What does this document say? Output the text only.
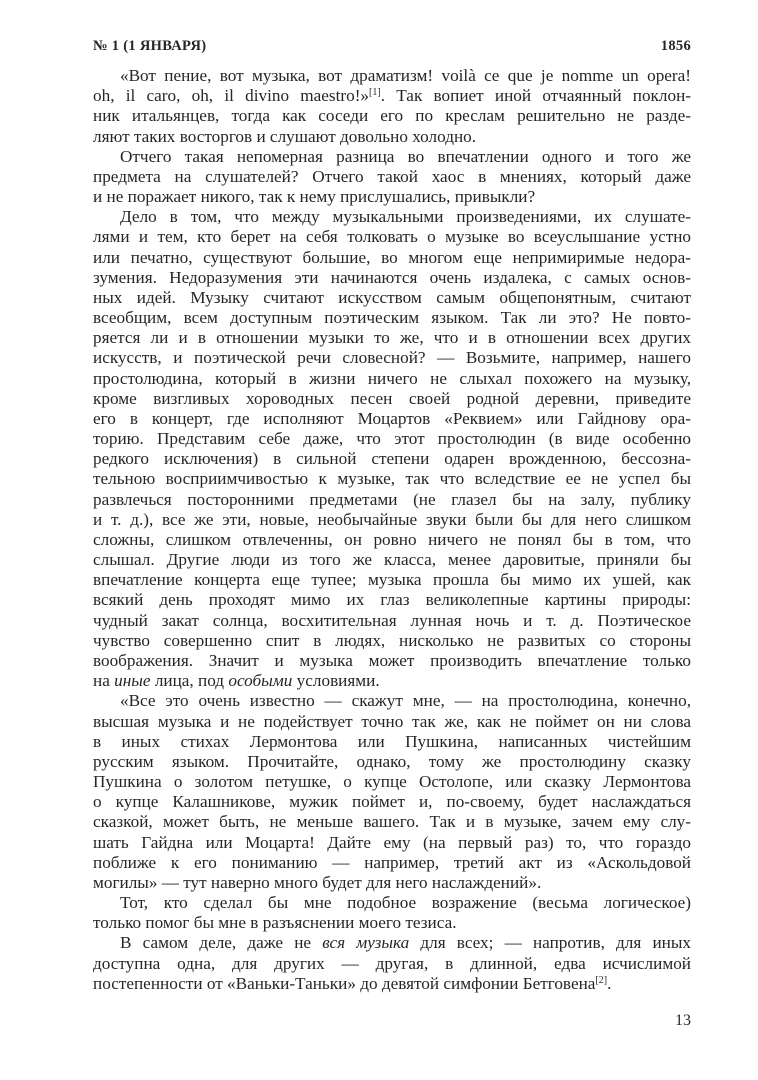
№ 1 (1 ЯНВАРЯ)	1856
«Вот пение, вот музыка, вот драматизм! voilà ce que je nomme un opera!
oh, il caro, oh, il divino maestro!»[1]. Так вопиет иной отчаянный поклон-
ник итальянцев, тогда как соседи его по креслам решительно не разде-
ляют таких восторгов и слушают довольно холодно.
Отчего такая непомерная разница во впечатлении одного и того же
предмета на слушателей? Отчего такой хаос в мнениях, который даже
и не поражает никого, так к нему прислушались, привыкли?
Дело в том, что между музыкальными произведениями, их слушате-
лями и тем, кто берет на себя толковать о музыке во всеуслышание устно
или печатно, существуют большие, во многом еще непримиримые недора-
зумения. Недоразумения эти начинаются очень издалека, с самых основ-
ных идей. Музыку считают искусством самым общепонятным, считают
всеобщим, всем доступным поэтическим языком. Так ли это? Не повто-
ряется ли и в отношении музыки то же, что и в отношении всех других
искусств, и поэтической речи словесной? — Возьмите, например, нашего
простолюдина, который в жизни ничего не слыхал похожего на музыку,
кроме визгливых хороводных песен своей родной деревни, приведите
его в концерт, где исполняют Моцартов «Реквием» или Гайднову ора-
торию. Представим себе даже, что этот простолюдин (в виде особенно
редкого исключения) в сильной степени одарен врожденною, бессозна-
тельною восприимчивостью к музыке, так что вследствие ее не успел бы
развлечься посторонними предметами (не глазел бы на залу, публику
и т. д.), все же эти, новые, необычайные звуки были бы для него слишком
сложны, слишком отвлеченны, он ровно ничего не понял бы в том, что
слышал. Другие люди из того же класса, менее даровитые, приняли бы
впечатление концерта еще тупее; музыка прошла бы мимо их ушей, как
всякий день проходят мимо их глаз великолепные картины природы:
чудный закат солнца, восхитительная лунная ночь и т. д. Поэтическое
чувство совершенно спит в людях, нисколько не развитых со стороны
воображения. Значит и музыка может производить впечатление только
на иные лица, под особыми условиями.
«Все это очень известно — скажут мне, — на простолюдина, конечно,
высшая музыка и не подействует точно так же, как не поймет он ни слова
в иных стихах Лермонтова или Пушкина, написанных чистейшим
русским языком. Прочитайте, однако, тому же простолюдину сказку
Пушкина о золотом петушке, о купце Остолопе, или сказку Лермонтова
о купце Калашникове, мужик поймет и, по-своему, будет наслаждаться
сказкой, может быть, не меньше вашего. Так и в музыке, зачем ему слу-
шать Гайдна или Моцарта! Дайте ему (на первый раз) то, что гораздо
поближе к его пониманию — например, третий акт из «Аскольдовой
могилы» — тут наверно много будет для него наслаждений».
Тот, кто сделал бы мне подобное возражение (весьма логическое)
только помог бы мне в разъяснении моего тезиса.
В самом деле, даже не вся музыка для всех; — напротив, для иных
доступна одна, для других — другая, в длинной, едва исчислимой
постепенности от «Ваньки-Таньки» до девятой симфонии Бетговена[2].
13
